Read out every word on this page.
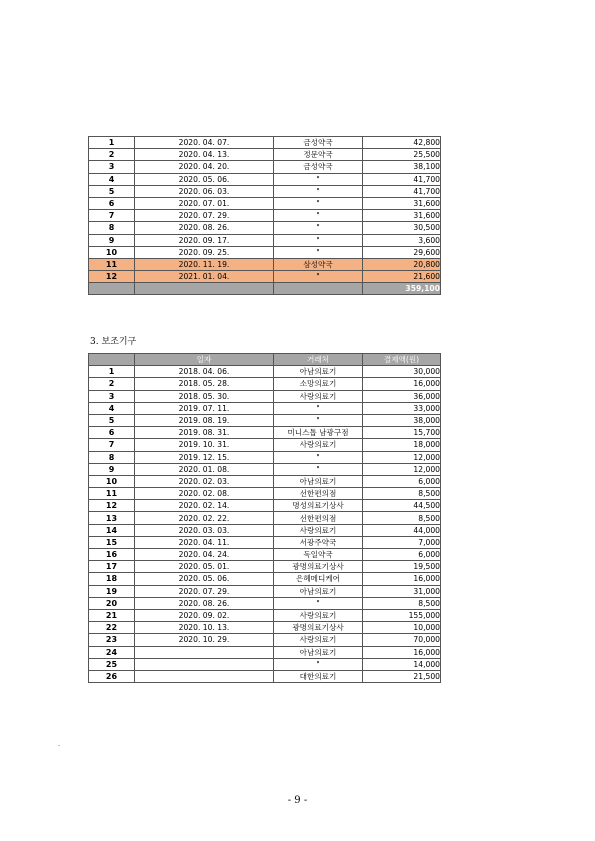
1	2020. 04. 07.	금성약국	42,800
2	2020. 04. 13.	정문약국	25,500
3	2020. 04. 20.	금성약국	38,100
4	2020. 05. 06.	"	41,700
5	2020. 06. 03.	"	41,700
6	2020. 07. 01.	"	31,600
7	2020. 07. 29.	"	31,600
8	2020. 08. 26.	"	30,500
9	2020. 09. 17.	"	3,600
10	2020. 09. 25.	"	29,600
11	2020. 11. 19.	삼성약국	20,800
12	2021. 01. 04.	"	21,600
			359,100
3. 보조기구
	일자	거래처	결제액(원)
1	2018. 04. 06.	아남의료기	30,000
2	2018. 05. 28.	소망의료기	16,000
3	2018. 05. 30.	사랑의료기	36,000
4	2019. 07. 11.	"	33,000
5	2019. 08. 19.	"	38,000
6	2019. 08. 31.	미니스톱 남광구점	15,700
7	2019. 10. 31.	사랑의료기	18,000
8	2019. 12. 15.	"	12,000
9	2020. 01. 08.	"	12,000
10	2020. 02. 03.	아남의료기	6,000
11	2020. 02. 08.	선한편의점	8,500
12	2020. 02. 14.	명성의료기상사	44,500
13	2020. 02. 22.	선한편의점	8,500
14	2020. 03. 03.	사랑의료기	44,000
15	2020. 04. 11.	서광주약국	7,000
16	2020. 04. 24.	독일약국	6,000
17	2020. 05. 01.	광명의료기상사	19,500
18	2020. 05. 06.	은혜메디케어	16,000
19	2020. 07. 29.	아남의료기	31,000
20	2020. 08. 26.	"	8,500
21	2020. 09. 02.	사랑의료기	155,000
22	2020. 10. 13.	광명의료기상사	10,000
23	2020. 10. 29.	사랑의료기	70,000
24		아남의료기	16,000
25		"	14,000
26		대한의료기	21,500
-
- 9 -
